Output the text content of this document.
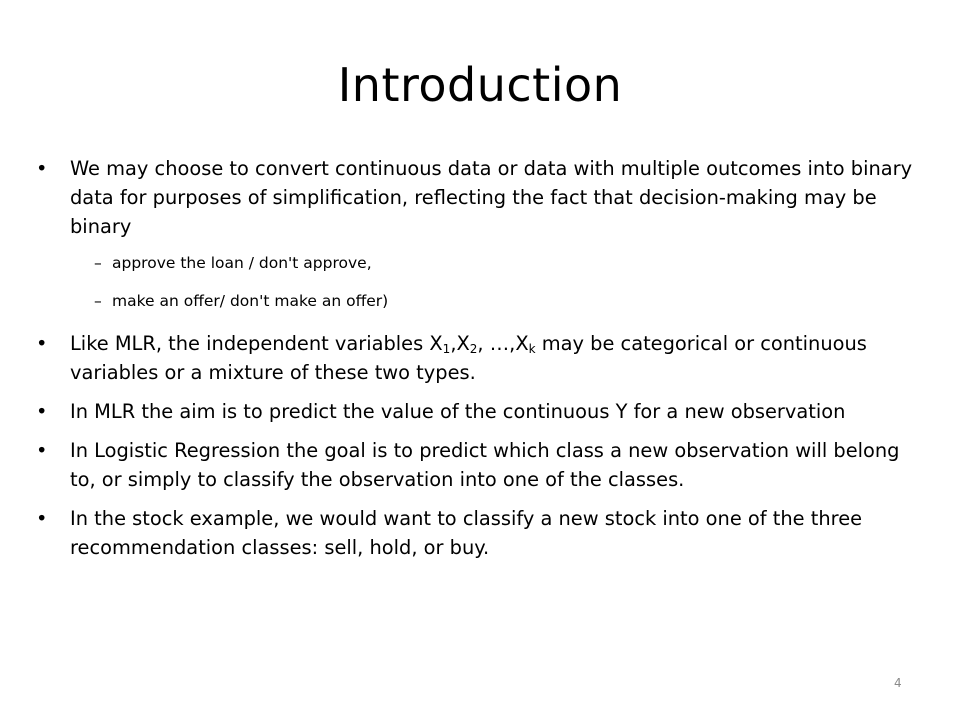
Introduction
•	We may choose to convert continuous data or data with multiple outcomes into binary data for purposes of simplification, reflecting the fact that decision-making may be binary
– approve the loan / don't approve,
– make an offer/ don't make an offer)
•	Like MLR, the independent variables $X_1,X_2$, $\dots,X_k$ may be categorical or continuous variables or a mixture of these two types.
•	In MLR the aim is to predict the value of the continuous Y for a new observation
•	In Logistic Regression the goal is to predict which class a new observation will belong to, or simply to classify the observation into one of the classes.
•	In the stock example, we would want to classify a new stock into one of the three recommendation classes: sell, hold, or buy.
4
